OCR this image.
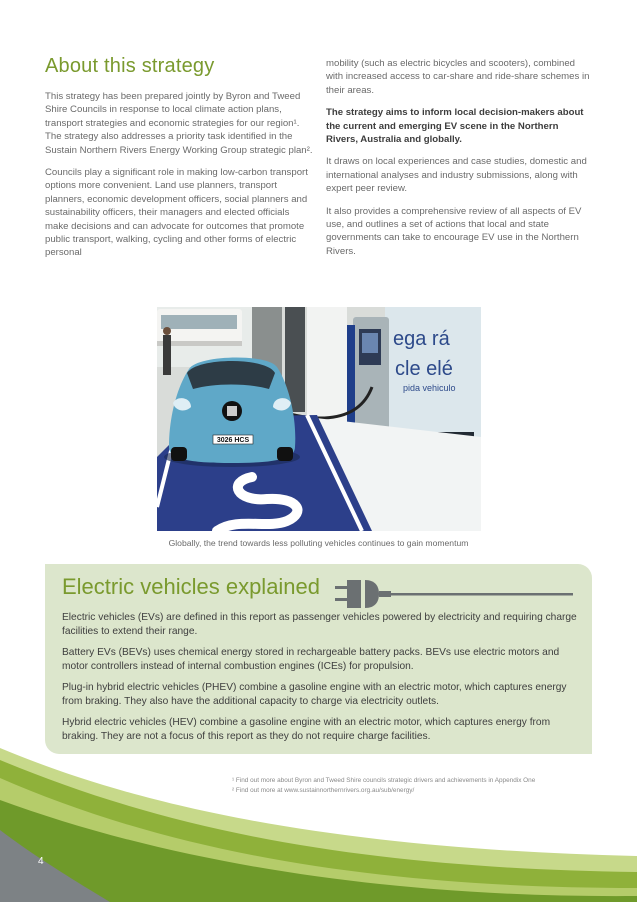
About this strategy

This strategy has been prepared jointly by Byron and Tweed Shire Councils in response to local climate action plans, transport strategies and economic strategies for our region¹. The strategy also addresses a priority task identified in the Sustain Northern Rivers Energy Working Group strategic plan².

Councils play a significant role in making low-carbon transport options more convenient. Land use planners, transport planners, economic development officers, social planners and sustainability officers, their managers and elected officials make decisions and can advocate for outcomes that promote public transport, walking, cycling and other forms of electric personal

mobility (such as electric bicycles and scooters), combined with increased access to car-share and ride-share schemes in their areas.

The strategy aims to inform local decision-makers about the current and emerging EV scene in the Northern Rivers, Australia and globally.

It draws on local experiences and case studies, domestic and international analyses and industry submissions, along with expert peer review.

It also provides a comprehensive review of all aspects of EV use, and outlines a set of actions that local and state governments can take to encourage EV use in the Northern Rivers.

ega rá
cle elé
pida vehiculo
3026 HCS
Globally, the trend towards less polluting vehicles continues to gain momentum
Electric vehicles explained

Electric vehicles (EVs) are defined in this report as passenger vehicles powered by electricity and requiring charge facilities to extend their range.

Battery EVs (BEVs) uses chemical energy stored in rechargeable battery packs. BEVs use electric motors and motor controllers instead of internal combustion engines (ICEs) for propulsion.

Plug-in hybrid electric vehicles (PHEV) combine a gasoline engine with an electric motor, which captures energy from braking. They also have the additional capacity to charge via electricity outlets.

Hybrid electric vehicles (HEV) combine a gasoline engine with an electric motor, which captures energy from braking. They are not a focus of this report as they do not require charge facilities.

¹ Find out more about Byron and Tweed Shire councils strategic drivers and achievements in Appendix One

² Find out more at www.sustainnorthernrivers.org.au/sub/energy/

4
